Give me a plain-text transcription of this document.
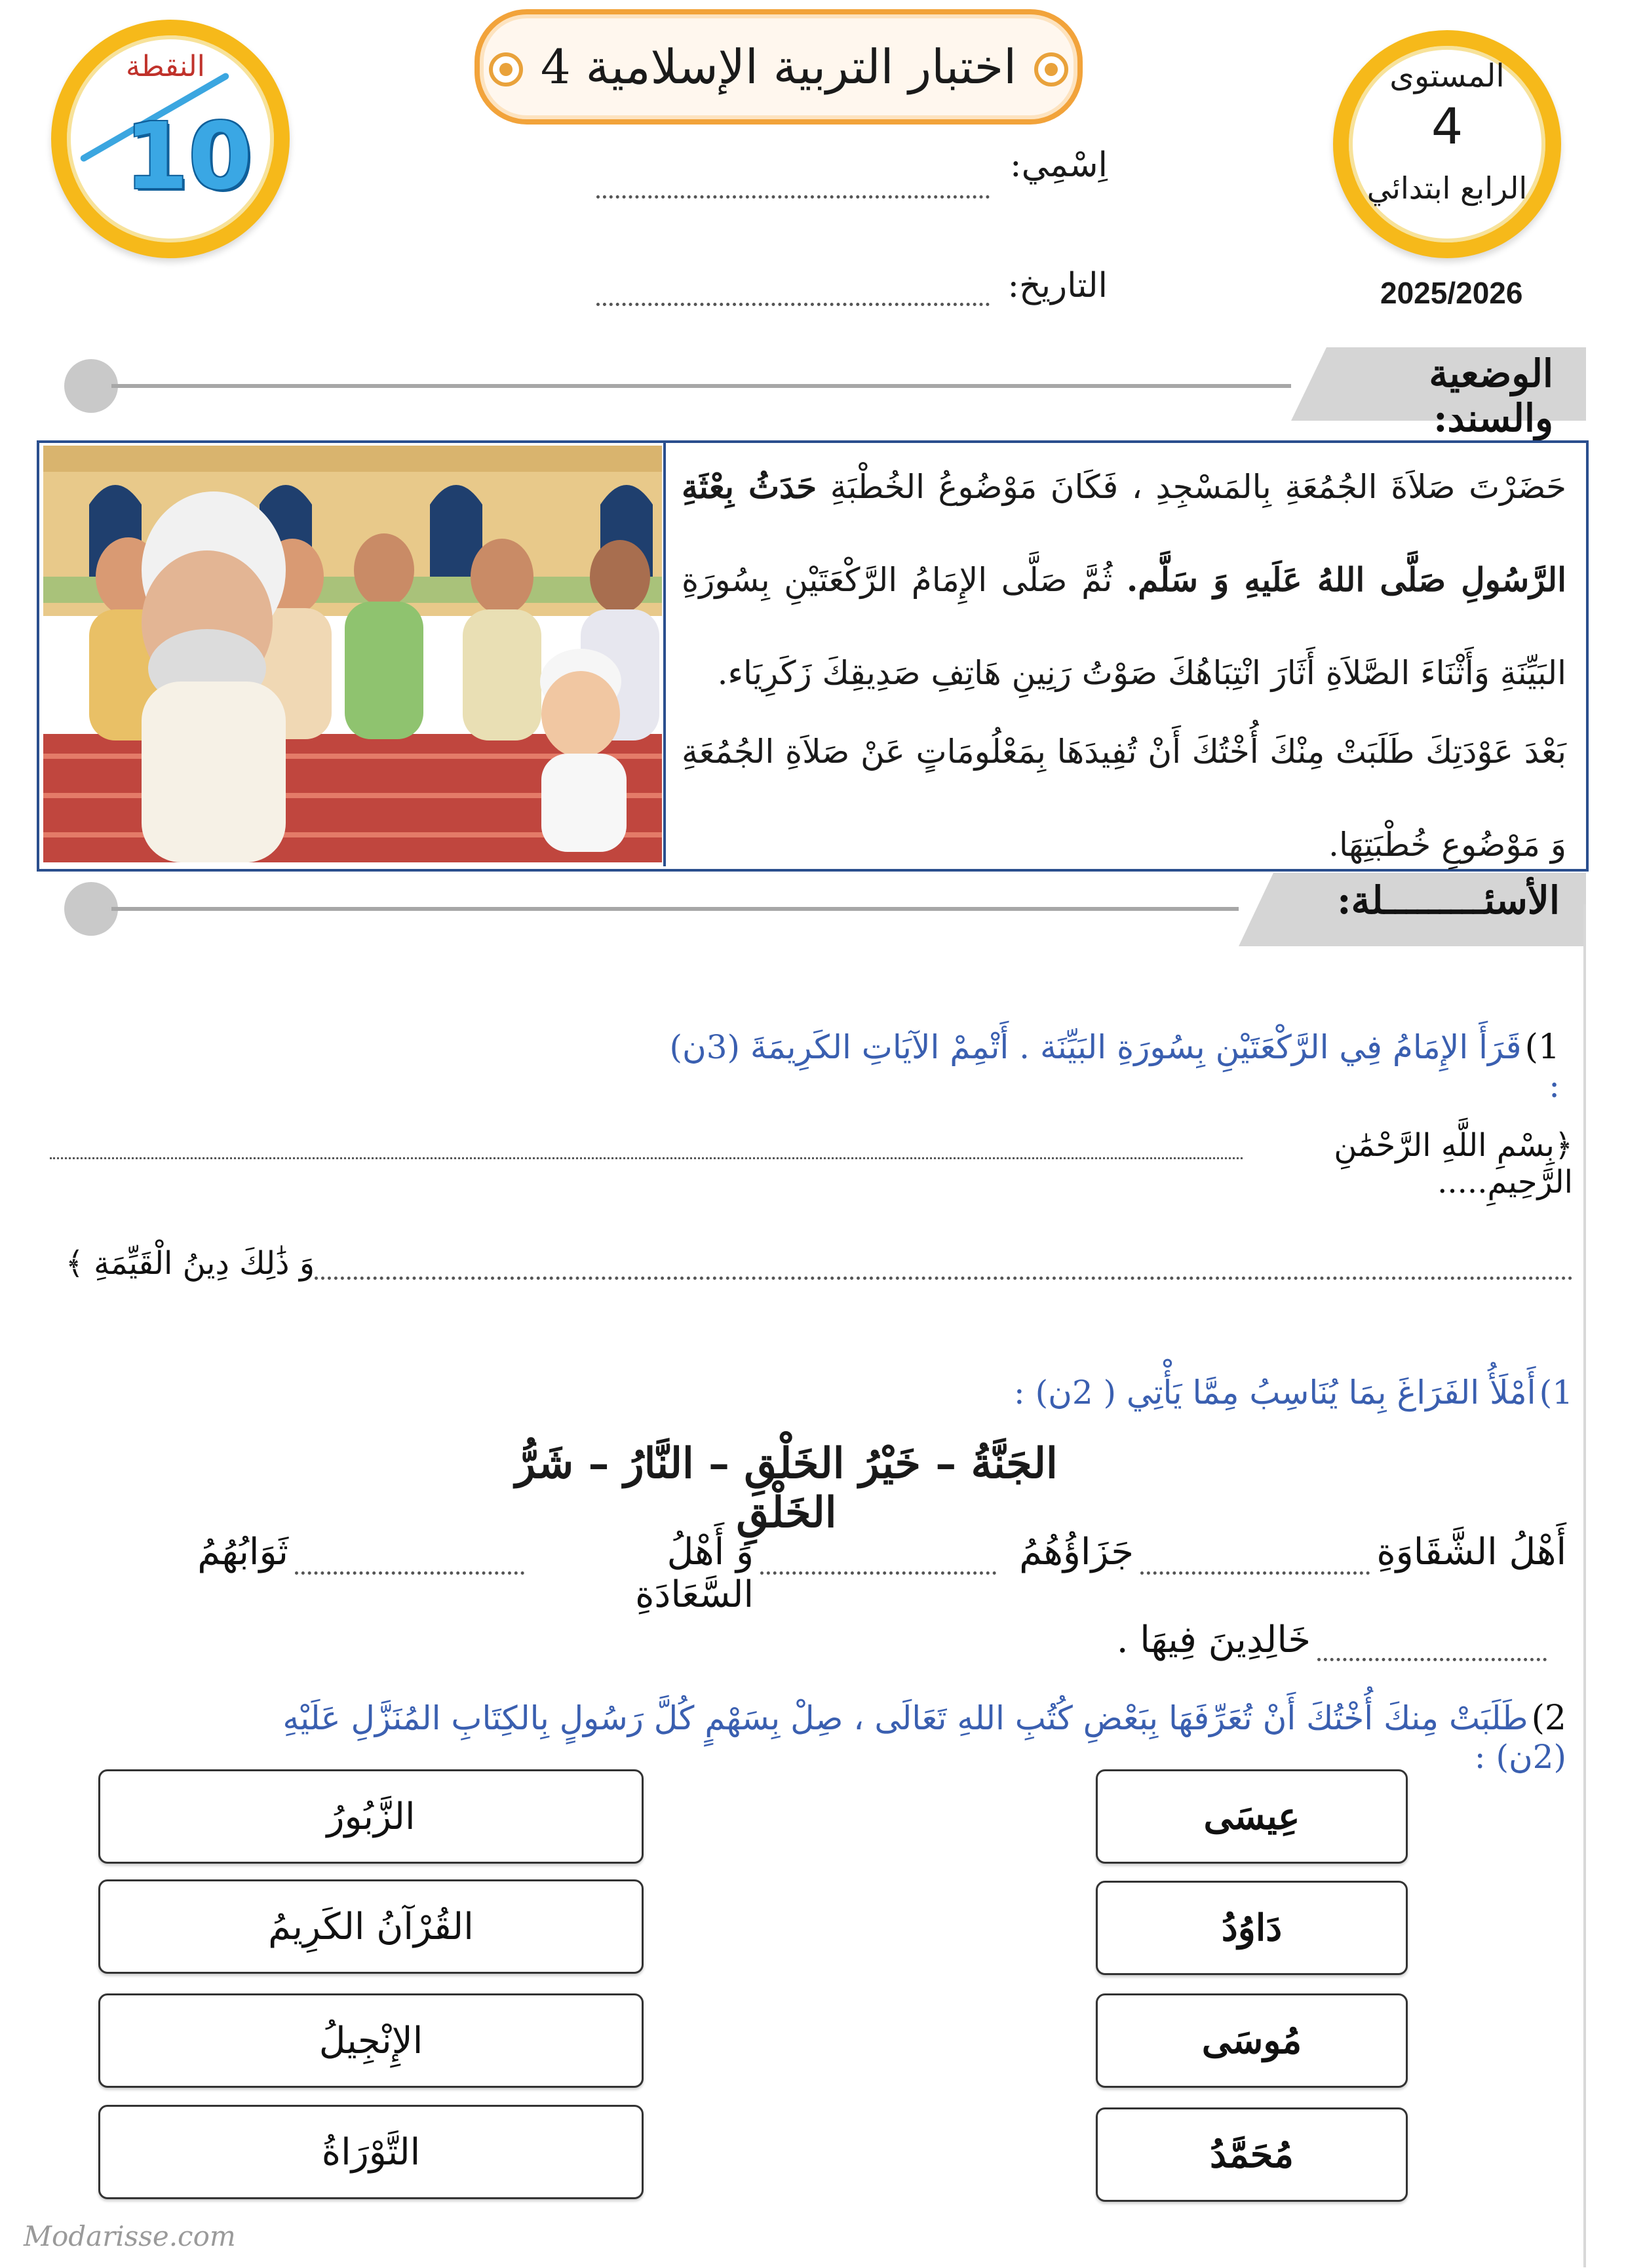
النقطة
10
اختبار التربية الإسلامية 4	المستوى
4
الرابع ابتدائي
2025/2026
اِسْمِي:
التاريخ:
الوضعية والسند:
حَضَرْتَ صَلاَةَ الجُمُعَةِ بِالمَسْجِدِ ، فَكَانَ مَوْضُوعُ الخُطْبَةِ حَدَثُ بِعْثَةِ الرَّسُولِ صَلَّى اللهُ عَلَيهِ وَ سَلَّم. ثُمَّ صَلَّى الإِمَامُ الرَّكْعَتَيْنِ بِسُورَةِ البَيِّنَةِ وَأَثْنَاءَ الصَّلاَةِ أَثَارَ انْتِبَاهُكَ صَوْتُ رَنِينِ هَاتِفِ صَدِيقِكَ زَكَرِيَاء.
بَعْدَ عَوْدَتِكَ طَلَبَتْ مِنْكَ أُخْتُكَ أَنْ تُفِيدَهَا بِمَعْلُومَاتٍ عَنْ صَلاَةِ الجُمُعَةِ وَ مَوْضُوعِ خُطْبَتِهَا.
الأسئـــــــــلة:
1) قَرَأَ الإِمَامُ فِي الرَّكْعَتَيْنِ بِسُورَةِ البَيِّنَة . أَتْمِمْ الآيَاتِ الكَرِيمَةَ (3ن) :
﴿بِسْمِ اللَّهِ الرَّحْمَٰنِ الرَّحِيمِ.....
وَ ذَٰلِكَ دِينُ الْقَيِّمَةِ ﴾
1) أَمْلَأُ الفَرَاغَ بِمَا يُنَاسِبُ مِمَّا يَأْتِي ( 2ن) :
الجَنَّةُ – خَيْرُ الخَلْقِ – النَّارُ – شَرُّ الخَلْقِ
أَهْلُ الشَّقَاوَةِ
جَزَاؤُهُمُ
وَ أَهْلُ السَّعَادَةِ
ثَوَابُهُمُ
خَالِدِينَ فِيهَا .
2) طَلَبَتْ مِنكَ أُخْتُكَ أَنْ تُعَرِّفَهَا بِبَعْضِ كُتُبِ اللهِ تَعَالَى ، صِلْ بِسَهْمٍ كُلَّ رَسُولٍ بِالكِتَابِ المُنَزَّلِ عَلَيْهِ (2ن) :
عِيسَى
دَاوُدُ
مُوسَى
مُحَمَّدُ
الزَّبُورُ
القُرْآنُ الكَرِيمُ
الإِنْجِيلُ
التَّوْرَاةُ
Modarisse.com
